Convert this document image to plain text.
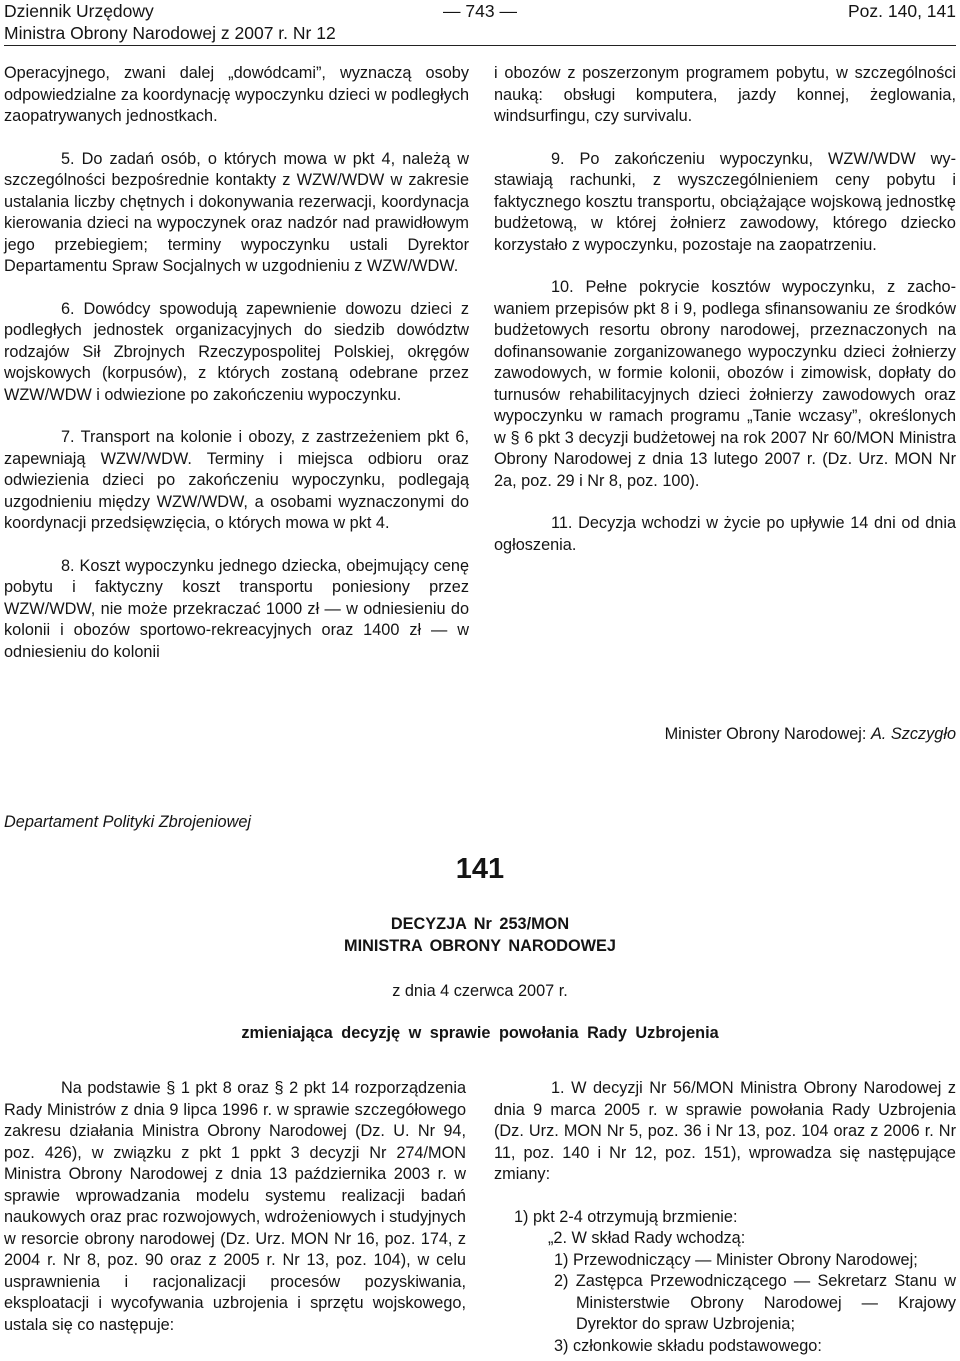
Dziennik Urzędowy
Ministra Obrony Narodowej z 2007 r. Nr 12
— 743 —	Poz. 140, 141

Operacyjnego, zwani dalej „dowódcami”, wyznaczą osoby odpowiedzialne za koordynację wypoczynku dzieci w podległych zaopatrywanych jednostkach.

5. Do zadań osób, o których mowa w pkt 4, należą w szczególności bezpośrednie kontakty z WZW/WDW w zakresie ustalania liczby chętnych i dokonywania rezerwacji, koordynacja kierowania dzieci na wypoczynek oraz nadzór nad prawidłowym jego przebiegiem; terminy wypoczynku ustali Dyrektor Departamentu Spraw Socjalnych w uzgodnieniu z WZW/WDW.

6. Dowódcy spowodują zapewnienie dowozu dzieci z podległych jednostek organizacyjnych do siedzib dowództw rodzajów Sił Zbrojnych Rzeczypospolitej Polskiej, okręgów wojskowych (korpusów), z których zostaną odebrane przez WZW/WDW i odwiezione po zakończeniu wypoczynku.

7. Transport na kolonie i obozy, z zastrzeżeniem pkt 6, zapewniają WZW/WDW. Terminy i miejsca odbioru oraz odwiezienia dzieci po zakończeniu wypoczynku, podlegają uzgodnieniu między WZW/WDW, a osobami wyznaczonymi do koordynacji przedsięwzięcia, o których mowa w pkt 4.

8. Koszt wypoczynku jednego dziecka, obejmujący cenę pobytu i faktyczny koszt transportu poniesiony przez WZW/WDW, nie może przekraczać 1000 zł — w odniesieniu do kolonii i obozów sportowo-rekreacyjnych oraz 1400 zł — w odniesieniu do kolonii

i obozów z poszerzonym programem pobytu, w szczególności nauką: obsługi komputera, jazdy konnej, żeglowania, windsurfingu, czy survivalu.

9. Po zakończeniu wypoczynku, WZW/WDW wystawiają rachunki, z wyszczególnieniem ceny pobytu i faktycznego kosztu transportu, obciążające wojskową jednostkę budżetową, w której żołnierz zawodowy, którego dziecko korzystało z wypoczynku, pozostaje na zaopatrzeniu.

10. Pełne pokrycie kosztów wypoczynku, z zachowaniem przepisów pkt 8 i 9, podlega sfinansowaniu ze środków budżetowych resortu obrony narodowej, przeznaczonych na dofinansowanie zorganizowanego wypoczynku dzieci żołnierzy zawodowych, w formie kolonii, obozów i zimowisk, dopłaty do turnusów rehabilitacyjnych dzieci żołnierzy zawodowych oraz wypoczynku w ramach programu „Tanie wczasy”, określonych w § 6 pkt 3 decyzji budżetowej na rok 2007 Nr 60/MON Ministra Obrony Narodowej z dnia 13 lutego 2007 r. (Dz. Urz. MON Nr 2a, poz. 29 i Nr 8, poz. 100).

11. Decyzja wchodzi w życie po upływie 14 dni od dnia ogłoszenia.

Minister Obrony Narodowej: A. Szczygło
Departament Polityki Zbrojeniowej
141
DECYZJA Nr 253/MON
MINISTRA OBRONY NARODOWEJ
z dnia 4 czerwca 2007 r.
zmieniająca decyzję w sprawie powołania Rady Uzbrojenia

Na podstawie § 1 pkt 8 oraz § 2 pkt 14 rozporządzenia Rady Ministrów z dnia 9 lipca 1996 r. w sprawie szczegółowego zakresu działania Ministra Obrony Narodowej (Dz. U. Nr 94, poz. 426), w związku z pkt 1 ppkt 3 decyzji Nr 274/MON Ministra Obrony Narodowej z dnia 13 października 2003 r. w sprawie wprowadzania modelu systemu realizacji badań naukowych oraz prac rozwojowych, wdrożeniowych i studyjnych w resorcie obrony narodowej (Dz. Urz. MON Nr 16, poz. 174, z 2004 r. Nr 8, poz. 90 oraz z 2005 r. Nr 13, poz. 104), w celu usprawnienia i racjonalizacji procesów pozyskiwania, eksploatacji i wycofywania uzbrojenia i sprzętu wojskowego, ustala się co następuje:

1. W decyzji Nr 56/MON Ministra Obrony Narodowej z dnia 9 marca 2005 r. w sprawie powołania Rady Uzbrojenia (Dz. Urz. MON Nr 5, poz. 36 i Nr 13, poz. 104 oraz z 2006 r. Nr 11, poz. 140 i Nr 12, poz. 151), wprowadza się następujące zmiany:

1) pkt 2-4 otrzymują brzmienie:
„2. W skład Rady wchodzą:
1) Przewodniczący — Minister Obrony Narodowej;
2) Zastępca Przewodniczącego — Sekretarz Stanu w Ministerstwie Obrony Narodowej — Krajowy Dyrektor do spraw Uzbrojenia;
3) członkowie składu podstawowego:
